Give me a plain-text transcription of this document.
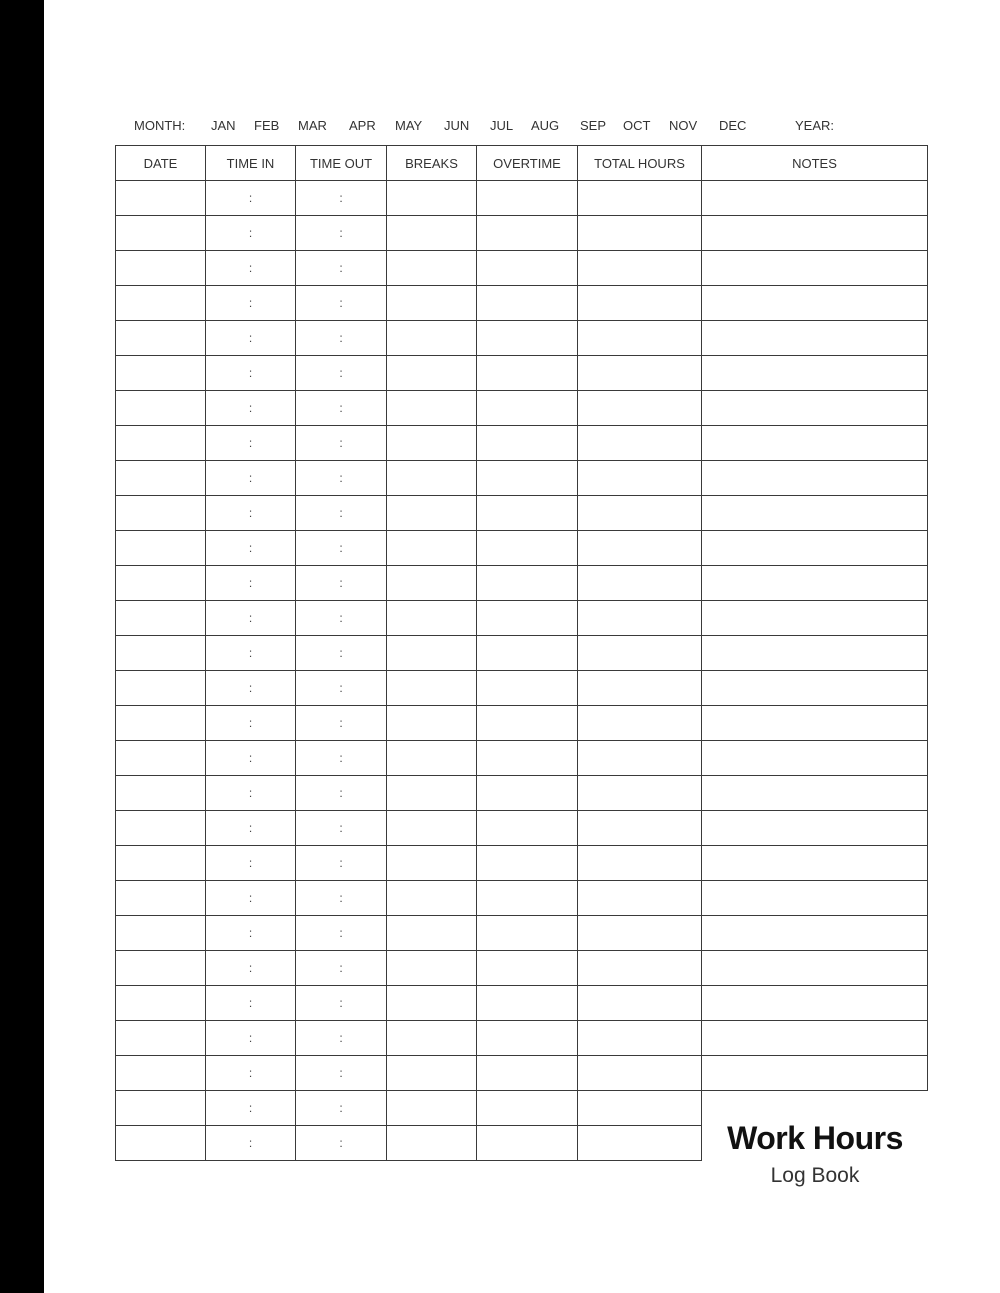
MONTH: JAN FEB MAR APR MAY JUN JUL AUG SEP OCT NOV DEC	YEAR:
DATE	TIME IN	TIME OUT	BREAKS	OVERTIME	TOTAL HOURS	NOTES
	:	:				
	:	:				
	:	:				
	:	:				
	:	:				
	:	:				
	:	:				
	:	:				
	:	:				
	:	:				
	:	:				
	:	:				
	:	:				
	:	:				
	:	:				
	:	:				
	:	:				
	:	:				
	:	:				
	:	:				
	:	:				
	:	:				
	:	:				
	:	:				
	:	:				
	:	:				
	:	:				
	:	:					Work Hours
Log Book
